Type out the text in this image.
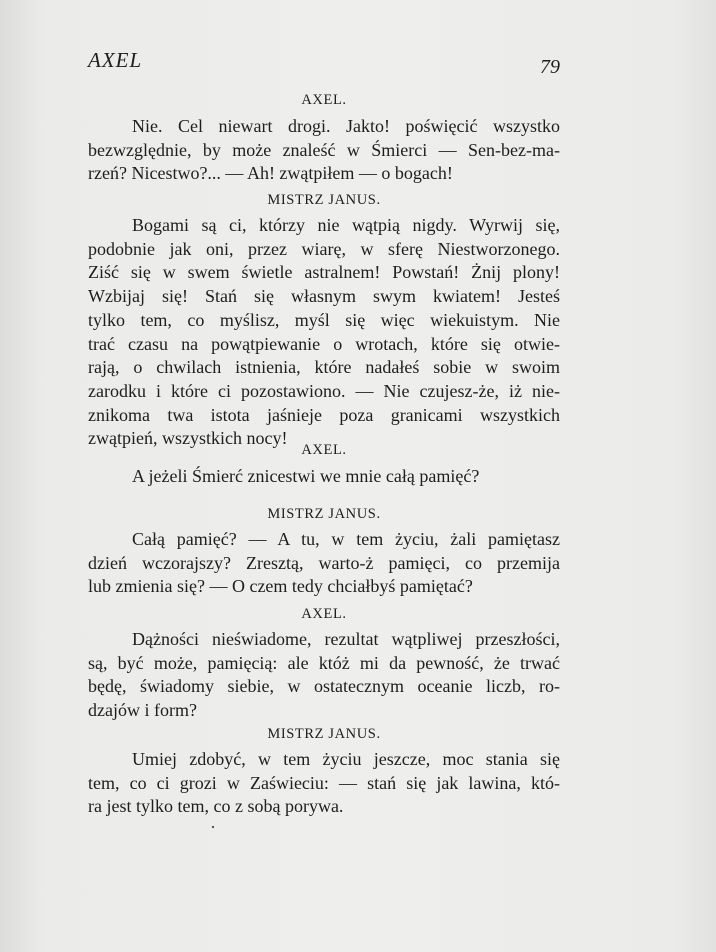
AXEL	79
AXEL.
Nie. Cel niewart drogi. Jakto! poświęcić wszystko
bezwzględnie, by może znaleść w Śmierci — Sen-bez-ma-
rzeń? Nicestwo?... — Ah! zwątpiłem — o bogach!
MISTRZ JANUS.
Bogami są ci, którzy nie wątpią nigdy. Wyrwij się,
podobnie jak oni, przez wiarę, w sferę Niestworzonego.
Ziść się w swem świetle astralnem! Powstań! Żnij plony!
Wzbijaj się! Stań się własnym swym kwiatem! Jesteś
tylko tem, co myślisz, myśl się więc wiekuistym. Nie
trać czasu na powątpiewanie o wrotach, które się otwie-
rają, o chwilach istnienia, które nadałeś sobie w swoim
zarodku i które ci pozostawiono. — Nie czujesz-że, iż nie-
znikoma twa istota jaśnieje poza granicami wszystkich
zwątpień, wszystkich nocy!
AXEL.
A jeżeli Śmierć znicestwi we mnie całą pamięć?
MISTRZ JANUS.
Całą pamięć? — A tu, w tem życiu, żali pamiętasz
dzień wczorajszy? Zresztą, warto-ż pamięci, co przemija
lub zmienia się? — O czem tedy chciałbyś pamiętać?
AXEL.
Dążności nieświadome, rezultat wątpliwej przeszłości,
są, być może, pamięcią: ale któż mi da pewność, że trwać
będę, świadomy siebie, w ostatecznym oceanie liczb, ro-
dzajów i form?
MISTRZ JANUS.
Umiej zdobyć, w tem życiu jeszcze, moc stania się
tem, co ci grozi w Zaświeciu: — stań się jak lawina, któ-
ra jest tylko tem, co z sobą porywa.
